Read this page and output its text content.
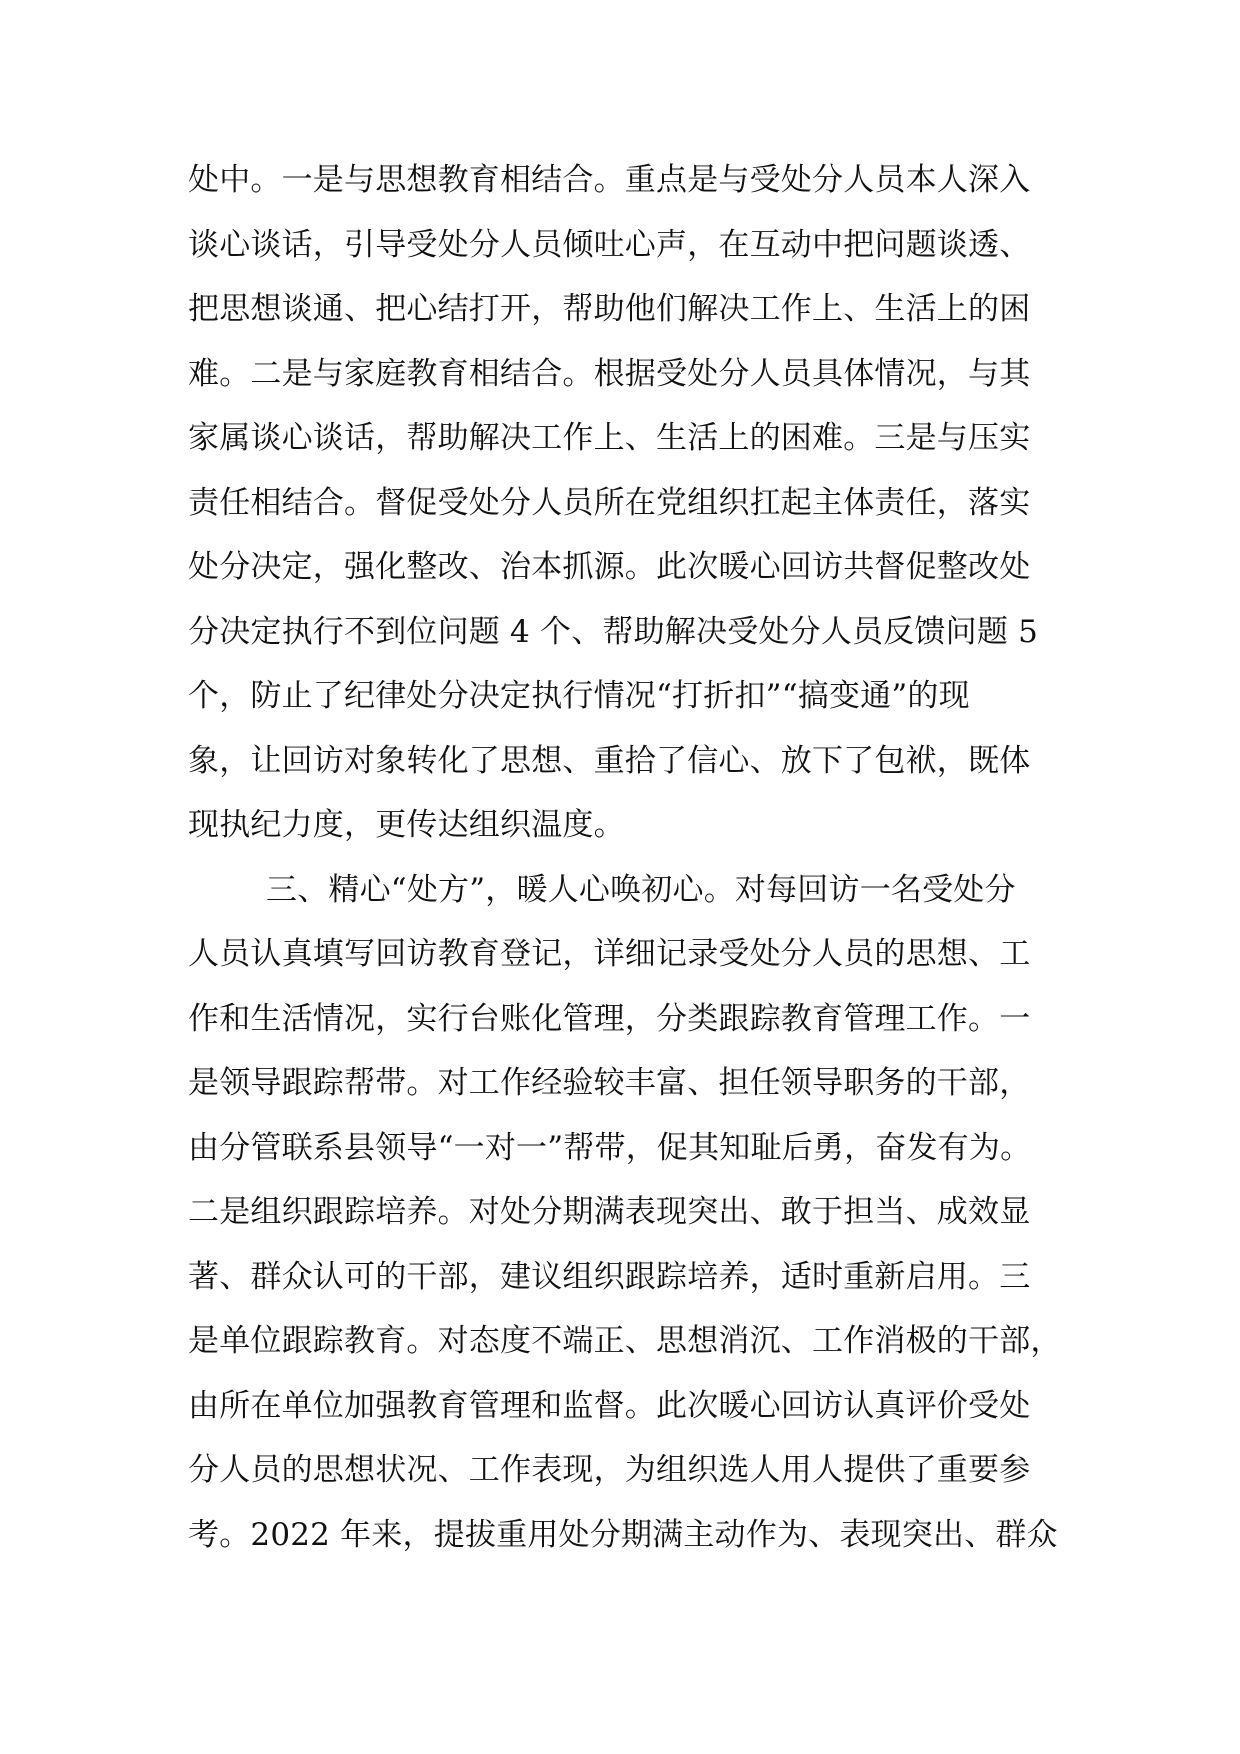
处中。一是与思想教育相结合。重点是与受处分人员本人深入
谈心谈话，引导受处分人员倾吐心声，在互动中把问题谈透、
把思想谈通、把心结打开，帮助他们解决工作上、生活上的困
难。二是与家庭教育相结合。根据受处分人员具体情况，与其
家属谈心谈话，帮助解决工作上、生活上的困难。三是与压实
责任相结合。督促受处分人员所在党组织扛起主体责任，落实
处分决定，强化整改、治本抓源。此次暖心回访共督促整改处
分决定执行不到位问题 4 个、帮助解决受处分人员反馈问题 5
个，防止了纪律处分决定执行情况“打折扣”“搞变通”的现
象，让回访对象转化了思想、重拾了信心、放下了包袱，既体
现执纪力度，更传达组织温度。
三、精心“处方”，暖人心唤初心。对每回访一名受处分
人员认真填写回访教育登记，详细记录受处分人员的思想、工
作和生活情况，实行台账化管理，分类跟踪教育管理工作。一
是领导跟踪帮带。对工作经验较丰富、担任领导职务的干部，
由分管联系县领导“一对一”帮带，促其知耻后勇，奋发有为。
二是组织跟踪培养。对处分期满表现突出、敢于担当、成效显
著、群众认可的干部，建议组织跟踪培养，适时重新启用。三
是单位跟踪教育。对态度不端正、思想消沉、工作消极的干部，
由所在单位加强教育管理和监督。此次暖心回访认真评价受处
分人员的思想状况、工作表现，为组织选人用人提供了重要参
考。2022 年来，提拔重用处分期满主动作为、表现突出、群众
